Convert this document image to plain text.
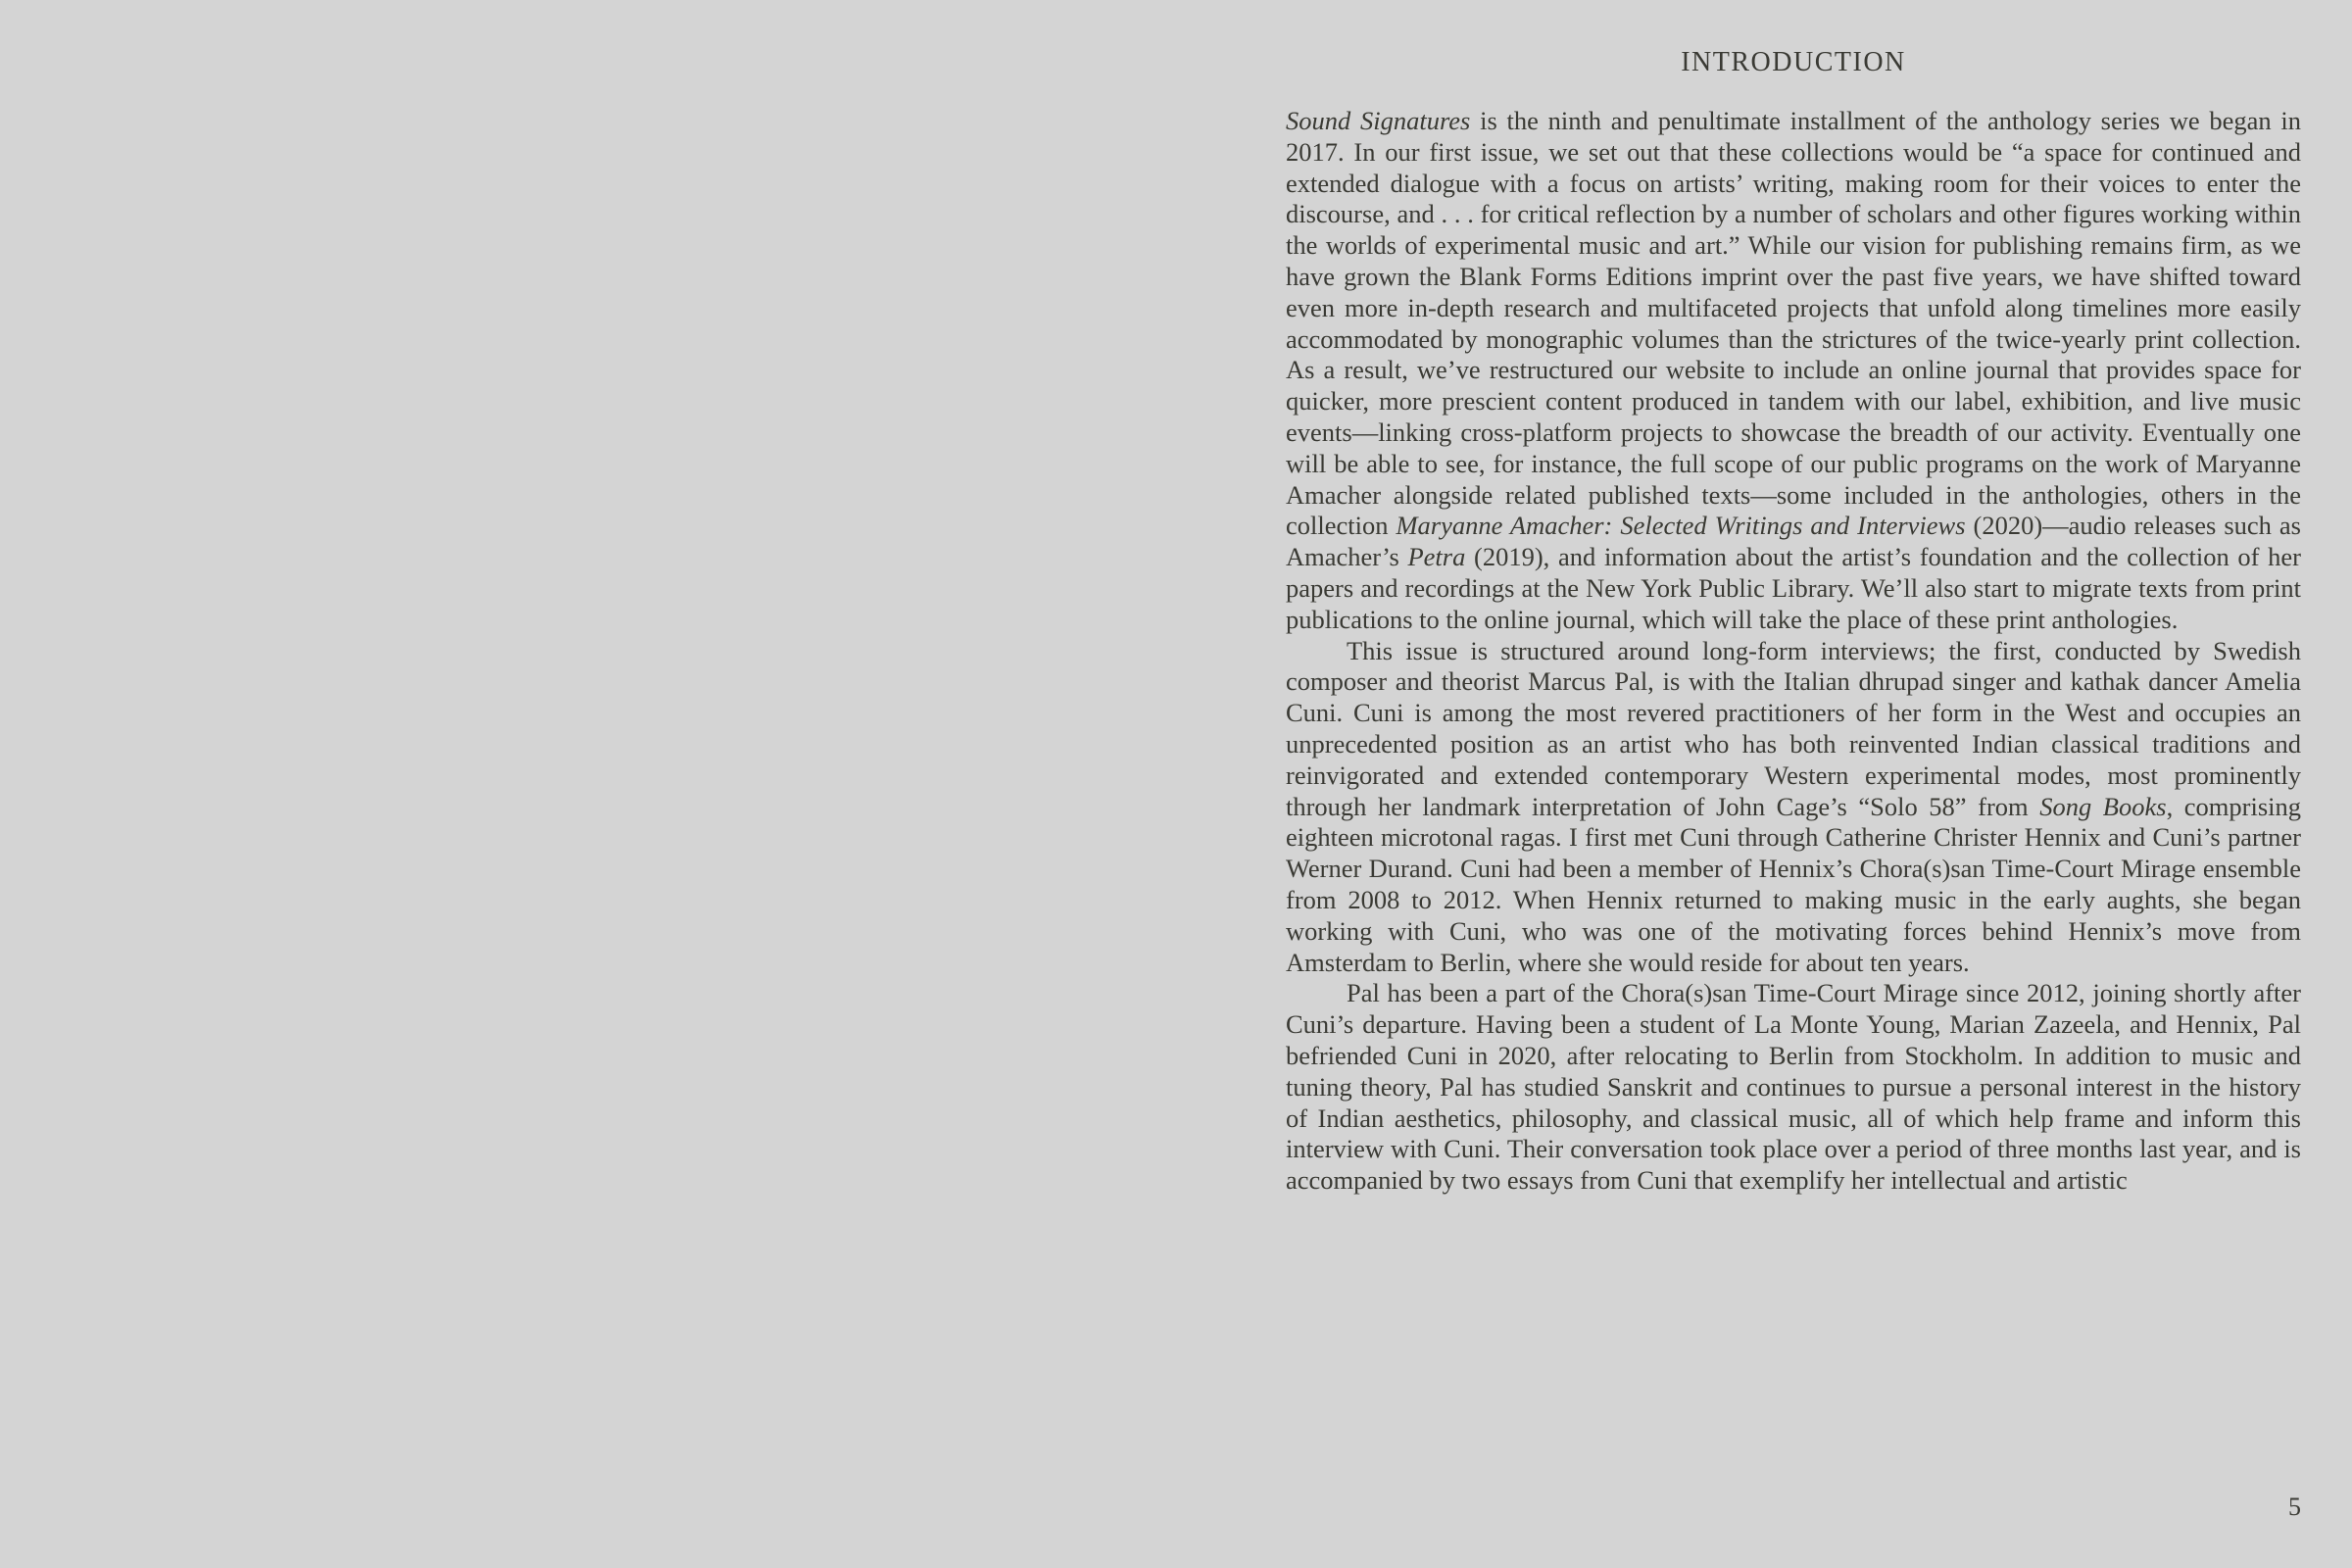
INTRODUCTION

Sound Signatures is the ninth and penultimate installment of the anthology series we began in 2017. In our first issue, we set out that these collections would be “a space for continued and extended dialogue with a focus on artists’ writing, making room for their voices to enter the discourse, and . . . for critical reflection by a number of scholars and other figures working within the worlds of experimental music and art.” While our vision for publishing remains firm, as we have grown the Blank Forms Editions imprint over the past five years, we have shifted toward even more in-depth research and multifaceted projects that unfold along timelines more easily accommodated by monographic volumes than the strictures of the twice-yearly print collection. As a result, we’ve restructured our website to include an online journal that provides space for quicker, more prescient content produced in tandem with our label, exhibition, and live music events—linking cross-platform projects to showcase the breadth of our activity. Eventually one will be able to see, for instance, the full scope of our public programs on the work of Maryanne Amacher alongside related published texts—some included in the anthologies, others in the collection Maryanne Amacher: Selected Writings and Interviews (2020)—audio releases such as Amacher’s Petra (2019), and information about the artist’s foundation and the collection of her papers and recordings at the New York Public Library. We’ll also start to migrate texts from print publications to the online journal, which will take the place of these print anthologies.

This issue is structured around long-form interviews; the first, conducted by Swedish composer and theorist Marcus Pal, is with the Italian dhrupad singer and kathak dancer Amelia Cuni. Cuni is among the most revered practitioners of her form in the West and occupies an unprecedented position as an artist who has both reinvented Indian classical traditions and reinvigorated and extended contemporary Western experimental modes, most prominently through her landmark interpretation of John Cage’s “Solo 58” from Song Books, comprising eighteen microtonal ragas. I first met Cuni through Catherine Christer Hennix and Cuni’s partner Werner Durand. Cuni had been a member of Hennix’s Chora(s)san Time-Court Mirage ensemble from 2008 to 2012. When Hennix returned to making music in the early aughts, she began working with Cuni, who was one of the motivating forces behind Hennix’s move from Amsterdam to Berlin, where she would reside for about ten years.

Pal has been a part of the Chora(s)san Time-Court Mirage since 2012, joining shortly after Cuni’s departure. Having been a student of La Monte Young, Marian Zazeela, and Hennix, Pal befriended Cuni in 2020, after relocating to Berlin from Stockholm. In addition to music and tuning theory, Pal has studied Sanskrit and continues to pursue a personal interest in the history of Indian aesthetics, philosophy, and classical music, all of which help frame and inform this interview with Cuni. Their conversation took place over a period of three months last year, and is accompanied by two essays from Cuni that exemplify her intellectual and artistic

5
